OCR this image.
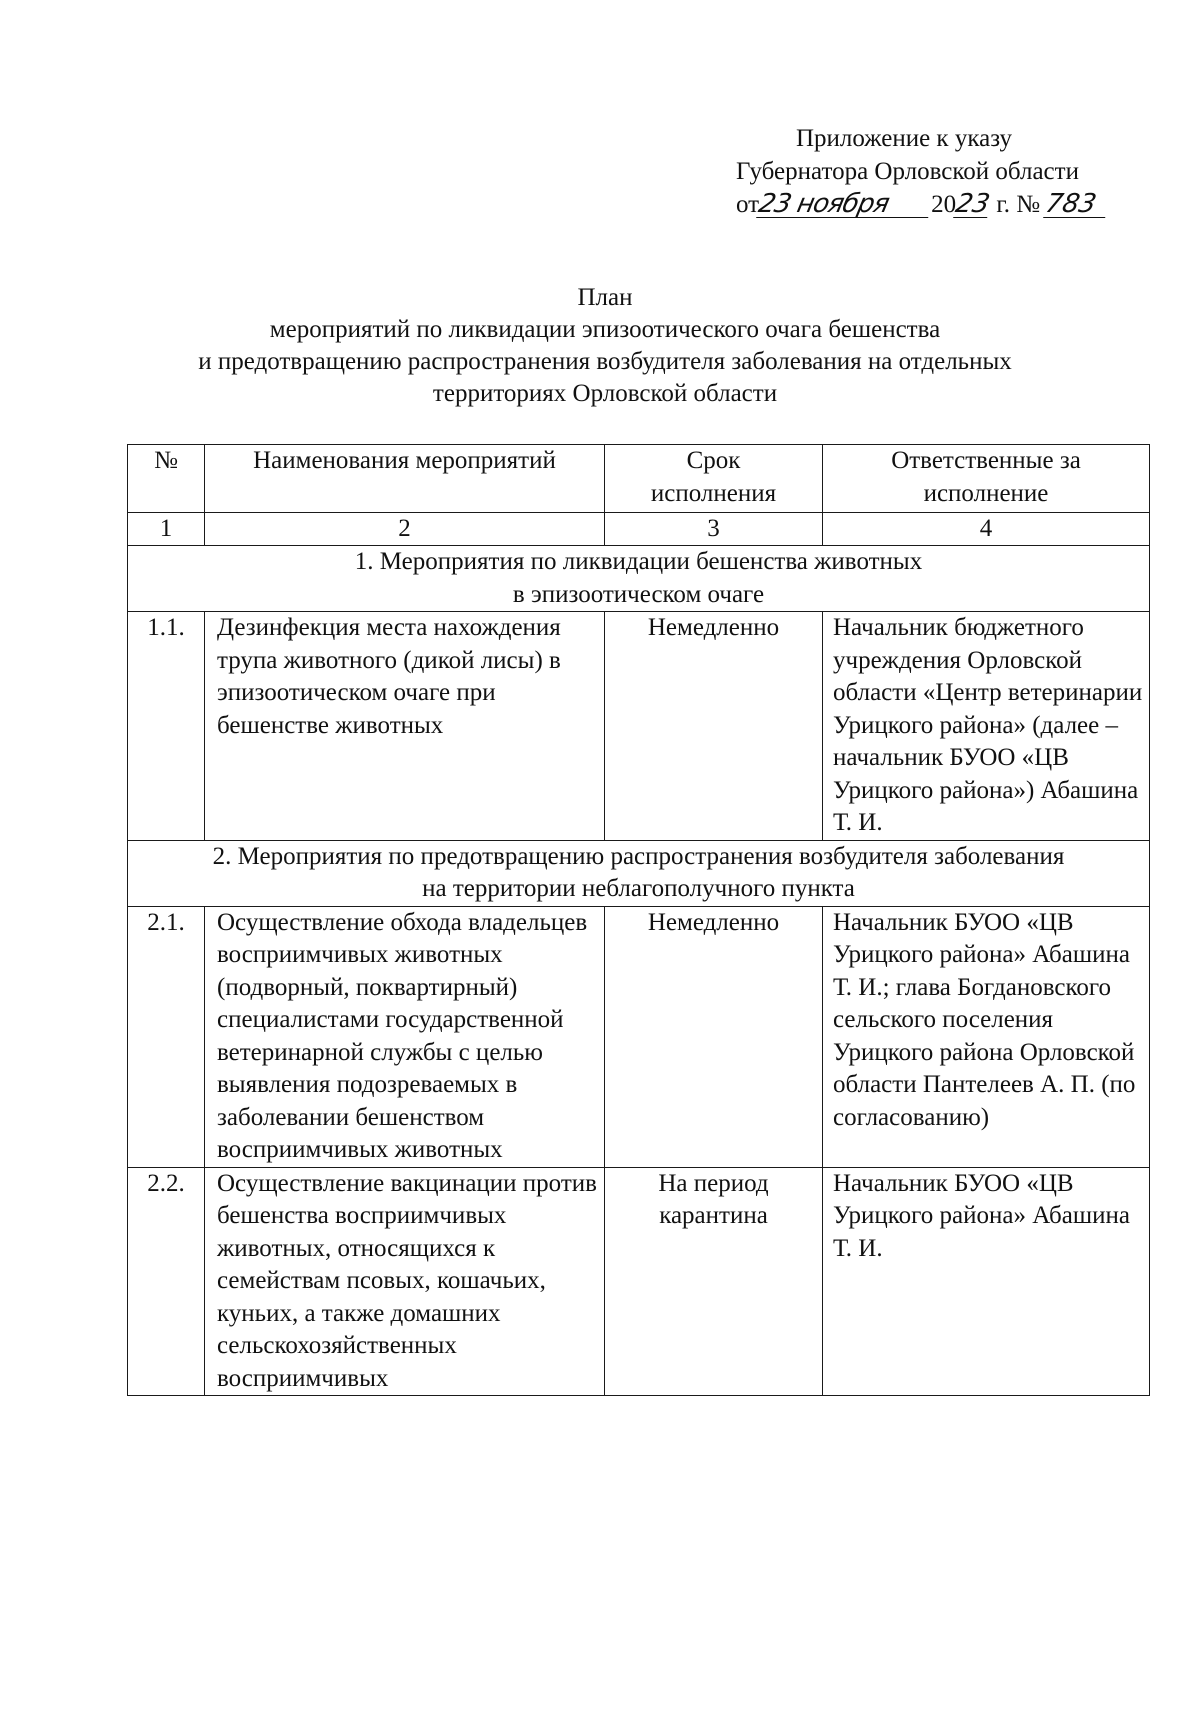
Приложение к указу
Губернатора Орловской области
от23 ноября 2023 г. № 783
План
мероприятий по ликвидации эпизоотического очага бешенства
и предотвращению распространения возбудителя заболевания на отдельных
территориях Орловской области
№	Наименования мероприятий	Срок исполнения	Ответственные за исполнение
1	2	3	4

1. Мероприятия по ликвидации бешенства животных
в эпизоотическом очаге			

1.1.	Дезинфекция места нахождения трупа животного (дикой лисы) в эпизоотическом очаге при бешенстве животных	Немедленно	Начальник бюджетного учреждения Орловской области «Центр ветеринарии Урицкого района» (далее – начальник БУОО «ЦВ Урицкого района») Абашина Т. И.

2. Мероприятия по предотвращению распространения возбудителя заболевания
на территории неблагополучного пункта			

2.1.	Осуществление обхода владельцев восприимчивых животных (подворный, поквартирный) специалистами государственной ветеринарной службы с целью выявления подозреваемых в заболевании бешенством восприимчивых животных	Немедленно	Начальник БУОО «ЦВ Урицкого района» Абашина Т. И.; глава Богдановского сельского поселения Урицкого района Орловской области Пантелеев А. П. (по согласованию)
2.2.	Осуществление вакцинации против бешенства восприимчивых животных, относящихся к семействам псовых, кошачьих, куньих, а также домашних сельскохозяйственных восприимчивых	На период карантина	Начальник БУОО «ЦВ Урицкого района» Абашина Т. И.
